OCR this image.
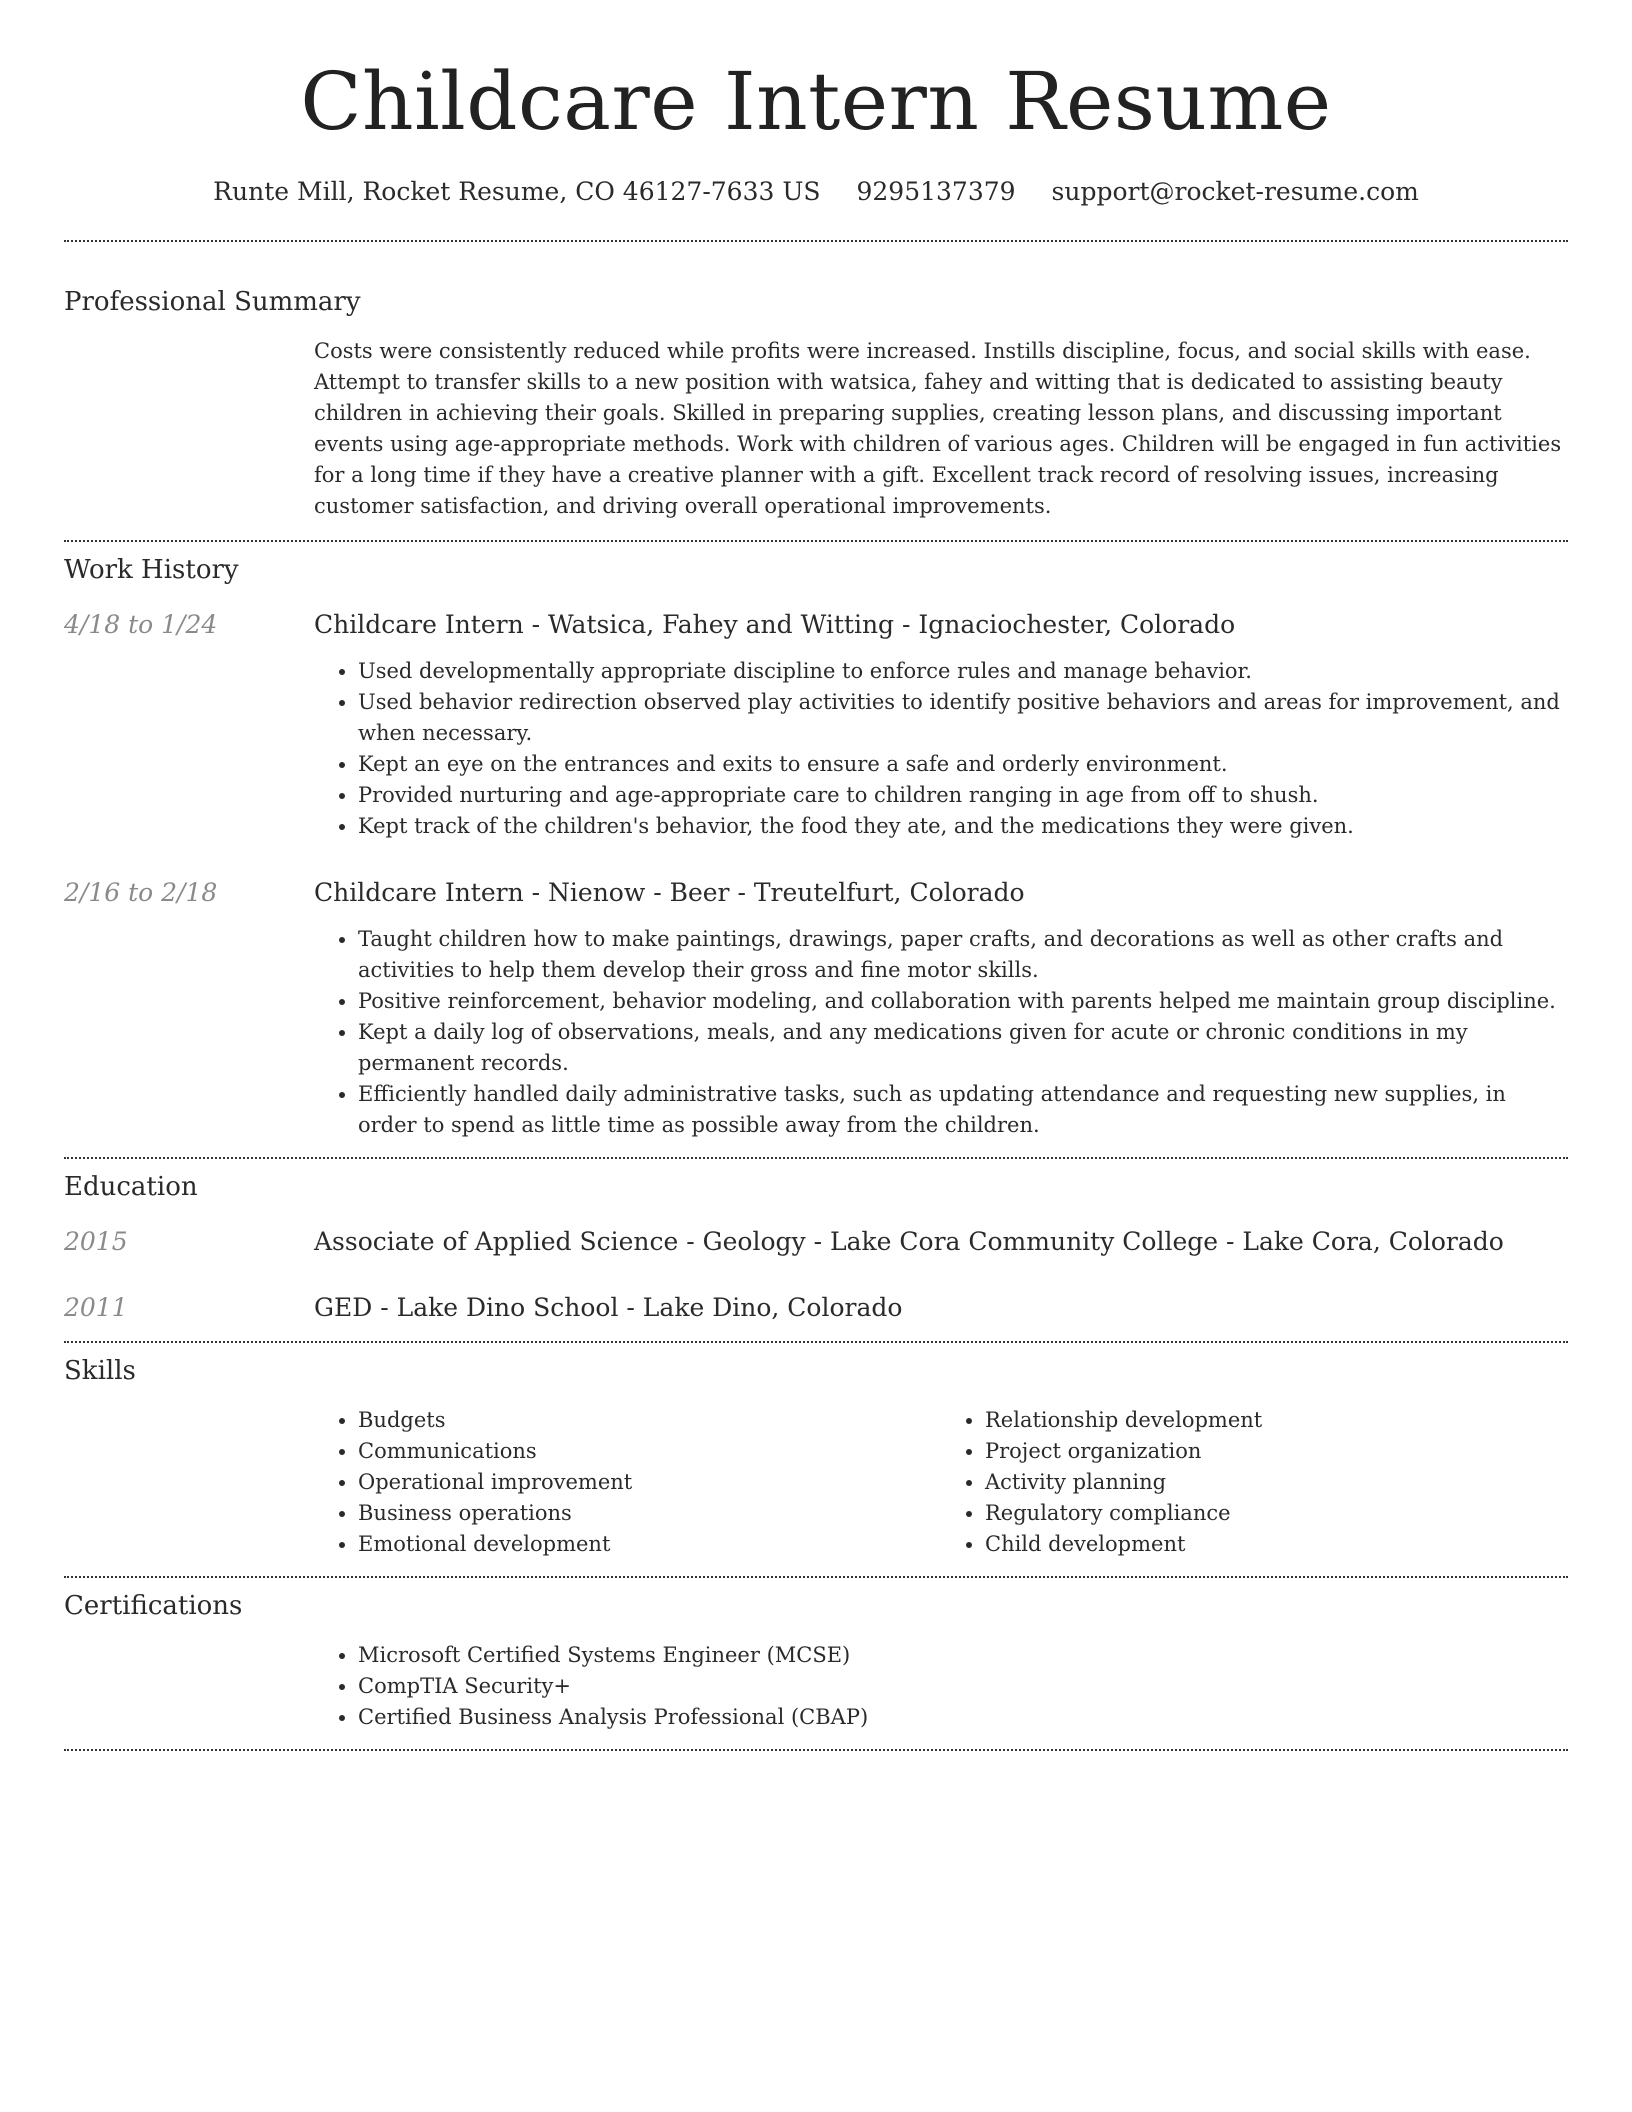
Childcare Intern Resume
Runte Mill, Rocket Resume, CO 46127-7633 US 9295137379 support@rocket-resume.com
Professional Summary
Costs were consistently reduced while profits were increased. Instills discipline, focus, and social skills with ease. Attempt to transfer skills to a new position with watsica, fahey and witting that is dedicated to assisting beauty children in achieving their goals. Skilled in preparing supplies, creating lesson plans, and discussing important events using age-appropriate methods. Work with children of various ages. Children will be engaged in fun activities for a long time if they have a creative planner with a gift. Excellent track record of resolving issues, increasing customer satisfaction, and driving overall operational improvements.
Work History
4/18 to 1/24	Childcare Intern - Watsica, Fahey and Witting - Ignaciochester, Colorado
• Used developmentally appropriate discipline to enforce rules and manage behavior.
• Used behavior redirection observed play activities to identify positive behaviors and areas for improvement, and when necessary.
• Kept an eye on the entrances and exits to ensure a safe and orderly environment.
• Provided nurturing and age-appropriate care to children ranging in age from off to shush.
• Kept track of the children's behavior, the food they ate, and the medications they were given.
2/16 to 2/18	Childcare Intern - Nienow - Beer - Treutelfurt, Colorado
• Taught children how to make paintings, drawings, paper crafts, and decorations as well as other crafts and activities to help them develop their gross and fine motor skills.
• Positive reinforcement, behavior modeling, and collaboration with parents helped me maintain group discipline.
• Kept a daily log of observations, meals, and any medications given for acute or chronic conditions in my permanent records.
• Efficiently handled daily administrative tasks, such as updating attendance and requesting new supplies, in order to spend as little time as possible away from the children.
Education
2015	Associate of Applied Science - Geology - Lake Cora Community College - Lake Cora, Colorado
2011	GED - Lake Dino School - Lake Dino, Colorado
Skills
• Budgets
• Communications
• Operational improvement
• Business operations
• Emotional development
• Relationship development
• Project organization
• Activity planning
• Regulatory compliance
• Child development
Certifications
• Microsoft Certified Systems Engineer (MCSE)
• CompTIA Security+
• Certified Business Analysis Professional (CBAP)
